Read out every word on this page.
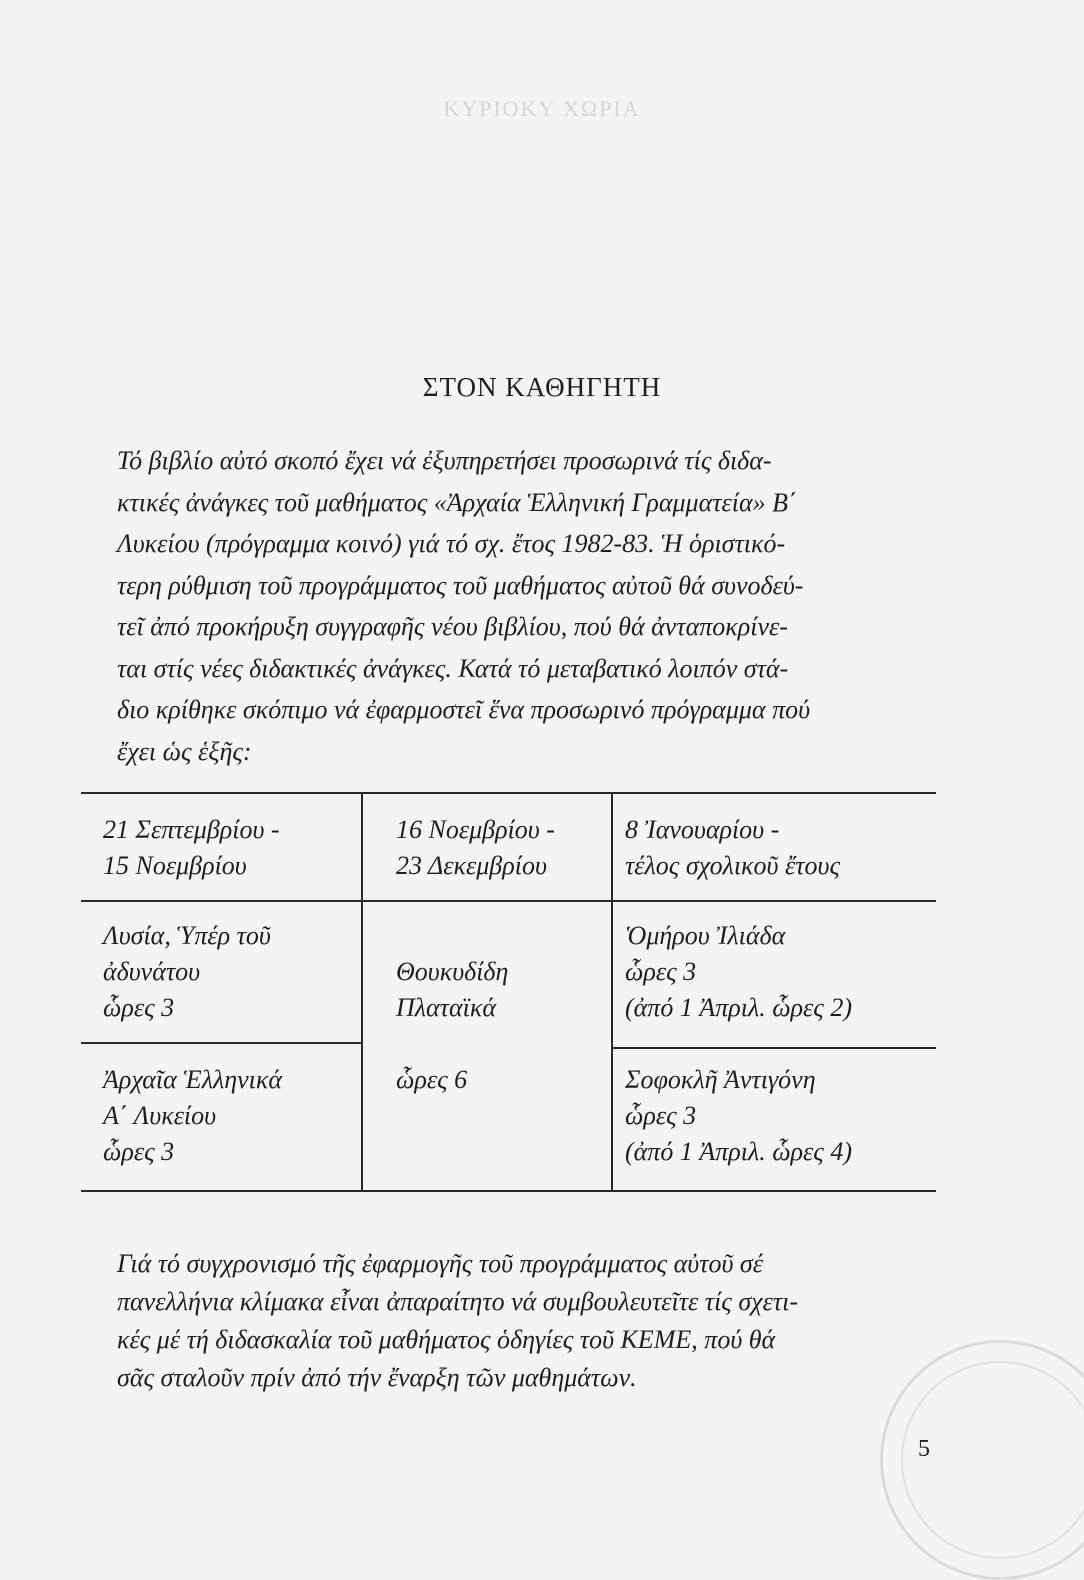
ΚΥΡΙΟΚΥ ΧΩΡΙΑ
ΣΤΟΝ ΚΑΘΗΓΗΤΗ
Τό βιβλίο αὐτό σκοπό ἔχει νά ἐξυπηρετήσει προσωρινά τίς διδα-
κτικές ἀνάγκες τοῦ μαθήματος «Ἀρχαία Ἑλληνική Γραμματεία» Β΄
Λυκείου (πρόγραμμα κοινό) γιά τό σχ. ἔτος 1982-83. Ἡ ὁριστικό-
τερη ρύθμιση τοῦ προγράμματος τοῦ μαθήματος αὐτοῦ θά συνοδεύ-
τεῖ ἀπό προκήρυξη συγγραφῆς νέου βιβλίου, πού θά ἀνταποκρίνε-
ται στίς νέες διδακτικές ἀνάγκες. Κατά τό μεταβατικό λοιπόν στά-
διο κρίθηκε σκόπιμο νά ἐφαρμοστεῖ ἕνα προσωρινό πρόγραμμα πού
ἔχει ὡς ἑξῆς:
21 Σεπτεμβρίου -
15 Νοεμβρίου
16 Νοεμβρίου -
23 Δεκεμβρίου
8 Ἰανουαρίου -
τέλος σχολικοῦ ἔτους
Λυσία, Ὑπέρ τοῦ
ἀδυνάτου
ὧρες 3
Ἀρχαῖα Ἑλληνικά
Α΄ Λυκείου
ὧρες 3
Θουκυδίδη
Πλαταϊκά
ὧρες 6
Ὁμήρου Ἰλιάδα
ὧρες 3
(ἀπό 1 Ἀπριλ. ὧρες 2)
Σοφοκλῆ Ἀντιγόνη
ὧρες 3
(ἀπό 1 Ἀπριλ. ὧρες 4)
Γιά τό συγχρονισμό τῆς ἐφαρμογῆς τοῦ προγράμματος αὐτοῦ σέ
πανελλήνια κλίμακα εἶναι ἀπαραίτητο νά συμβουλευτεῖτε τίς σχετι-
κές μέ τή διδασκαλία τοῦ μαθήματος ὁδηγίες τοῦ ΚΕΜΕ, πού θά
σᾶς σταλοῦν πρίν ἀπό τήν ἔναρξη τῶν μαθημάτων.
5
